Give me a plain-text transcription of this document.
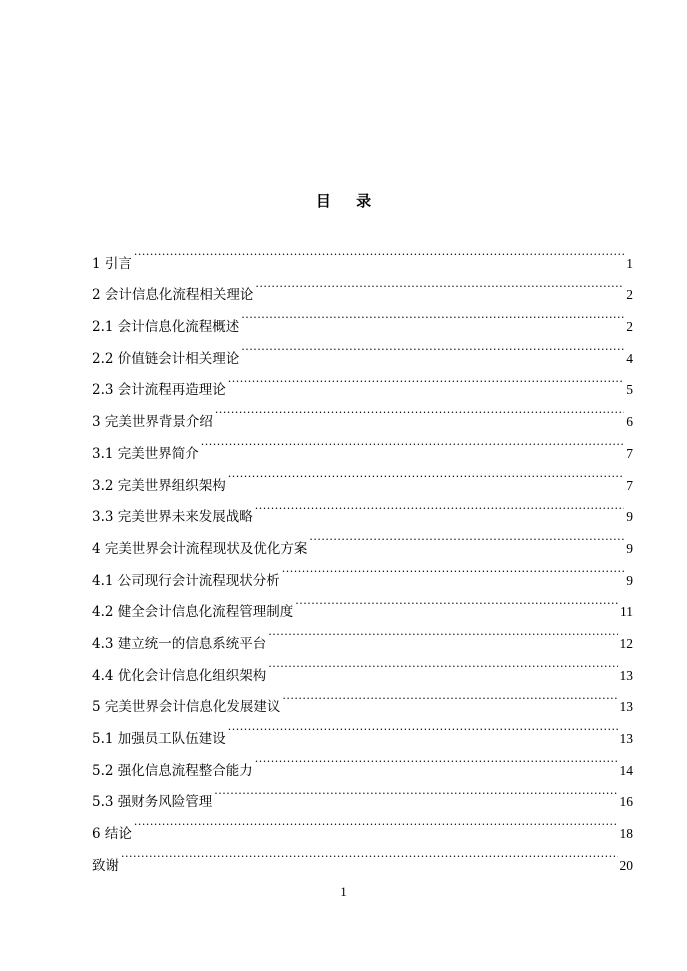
目 录
1 引言 .....	1
2 会计信息化流程相关理论 .....	2
2.1 会计信息化流程概述 .....	2
2.2 价值链会计相关理论 .....	4
2.3 会计流程再造理论 .....	5
3 完美世界背景介绍 .....	6
3.1 完美世界简介 .....	7
3.2 完美世界组织架构 .....	7
3.3 完美世界未来发展战略 .....	9
4 完美世界会计流程现状及优化方案 .....	9
4.1 公司现行会计流程现状分析 .....	9
4.2 健全会计信息化流程管理制度 .....	11
4.3 建立统一的信息系统平台 .....	12
4.4 优化会计信息化组织架构 .....	13
5 完美世界会计信息化发展建议 .....	13
5.1 加强员工队伍建设 .....	13
5.2 强化信息流程整合能力 .....	14
5.3 强财务风险管理 .....	16
6 结论 .....	18
致谢 .....	20
1
